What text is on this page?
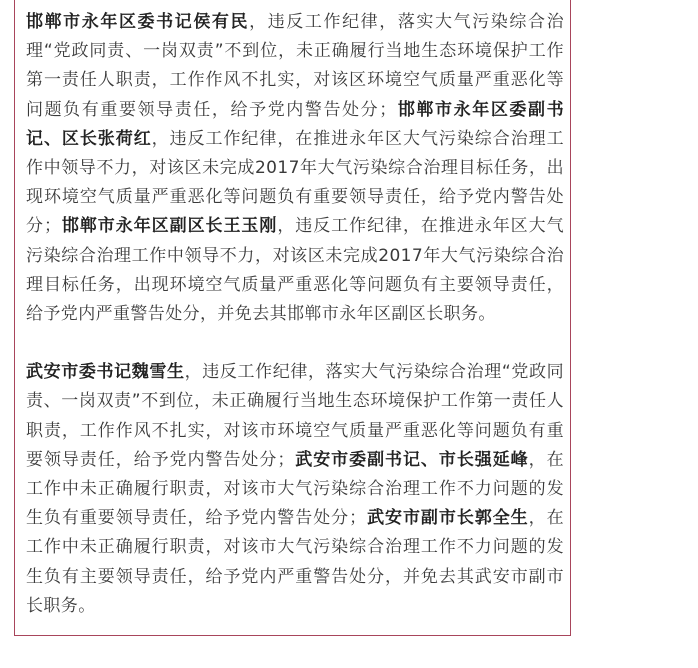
邯郸市永年区委书记侯有民，违反工作纪律，落实大气污染综合治理“党政同责、一岗双责”不到位，未正确履行当地生态环境保护工作第一责任人职责，工作作风不扎实，对该区环境空气质量严重恶化等问题负有重要领导责任，给予党内警告处分；邯郸市永年区委副书记、区长张荷红，违反工作纪律，在推进永年区大气污染综合治理工作中领导不力，对该区未完成2017年大气污染综合治理目标任务，出现环境空气质量严重恶化等问题负有重要领导责任，给予党内警告处分；邯郸市永年区副区长王玉刚，违反工作纪律，在推进永年区大气污染综合治理工作中领导不力，对该区未完成2017年大气污染综合治理目标任务，出现环境空气质量严重恶化等问题负有主要领导责任，给予党内严重警告处分，并免去其邯郸市永年区副区长职务。

武安市委书记魏雪生，违反工作纪律，落实大气污染综合治理“党政同责、一岗双责”不到位，未正确履行当地生态环境保护工作第一责任人职责，工作作风不扎实，对该市环境空气质量严重恶化等问题负有重要领导责任，给予党内警告处分；武安市委副书记、市长强延峰，在工作中未正确履行职责，对该市大气污染综合治理工作不力问题的发生负有重要领导责任，给予党内警告处分；武安市副市长郭全生，在工作中未正确履行职责，对该市大气污染综合治理工作不力问题的发生负有主要领导责任，给予党内严重警告处分，并免去其武安市副市长职务。
